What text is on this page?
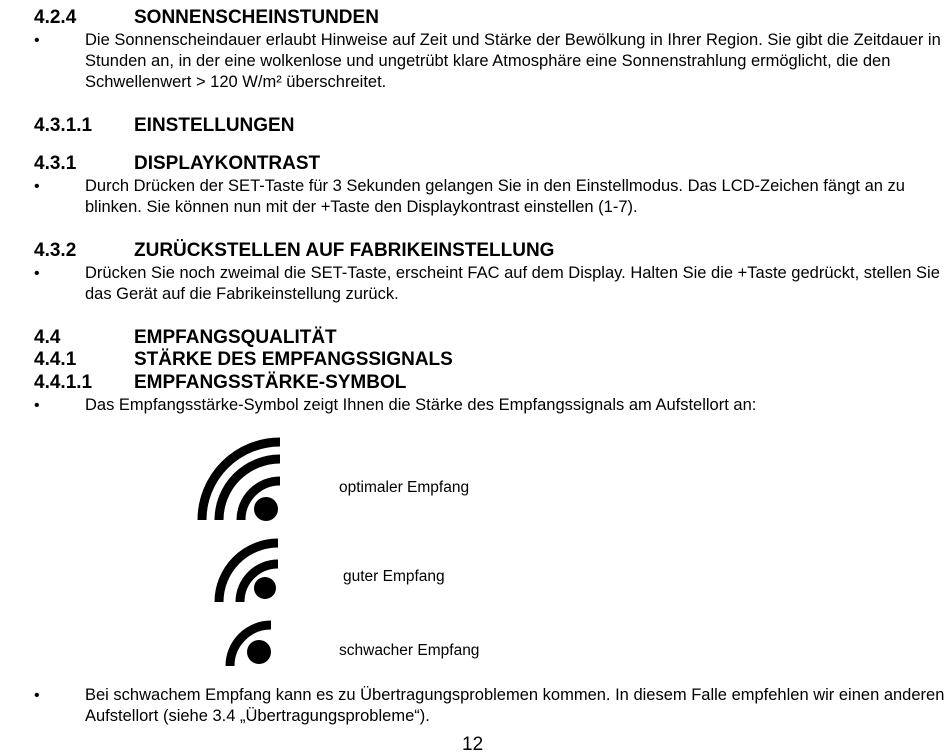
4.2.4	SONNENSCHEINSTUNDEN
•	Die Sonnenscheindauer erlaubt Hinweise auf Zeit und Stärke der Bewölkung in Ihrer Region. Sie gibt die Zeitdauer in Stunden an, in der eine wolkenlose und ungetrübt klare Atmosphäre eine Sonnenstrahlung ermöglicht, die den Schwellenwert > 120 W/m² überschreitet.
4.3.1.1 EINSTELLUNGEN
4.3.1	DISPLAYKONTRAST
•	Durch Drücken der SET-Taste für 3 Sekunden gelangen Sie in den Einstellmodus. Das LCD-Zeichen fängt an zu blinken. Sie können nun mit der +Taste den Displaykontrast einstellen (1-7).
4.3.2	ZURÜCKSTELLEN AUF FABRIKEINSTELLUNG
•	Drücken Sie noch zweimal die SET-Taste, erscheint FAC auf dem Display. Halten Sie die +Taste gedrückt, stellen Sie das Gerät auf die Fabrikeinstellung zurück.
4.4	EMPFANGSQUALITÄT
4.4.1	STÄRKE DES EMPFANGSSIGNALS
4.4.1.1 EMPFANGSSTÄRKE-SYMBOL
•	Das Empfangsstärke-Symbol zeigt Ihnen die Stärke des Empfangssignals am Aufstellort an:
optimaler Empfang
guter Empfang
schwacher Empfang
•	Bei schwachem Empfang kann es zu Übertragungsproblemen kommen. In diesem Falle empfehlen wir einen anderen Aufstellort (siehe 3.4 „Übertragungsprobleme“).
12
